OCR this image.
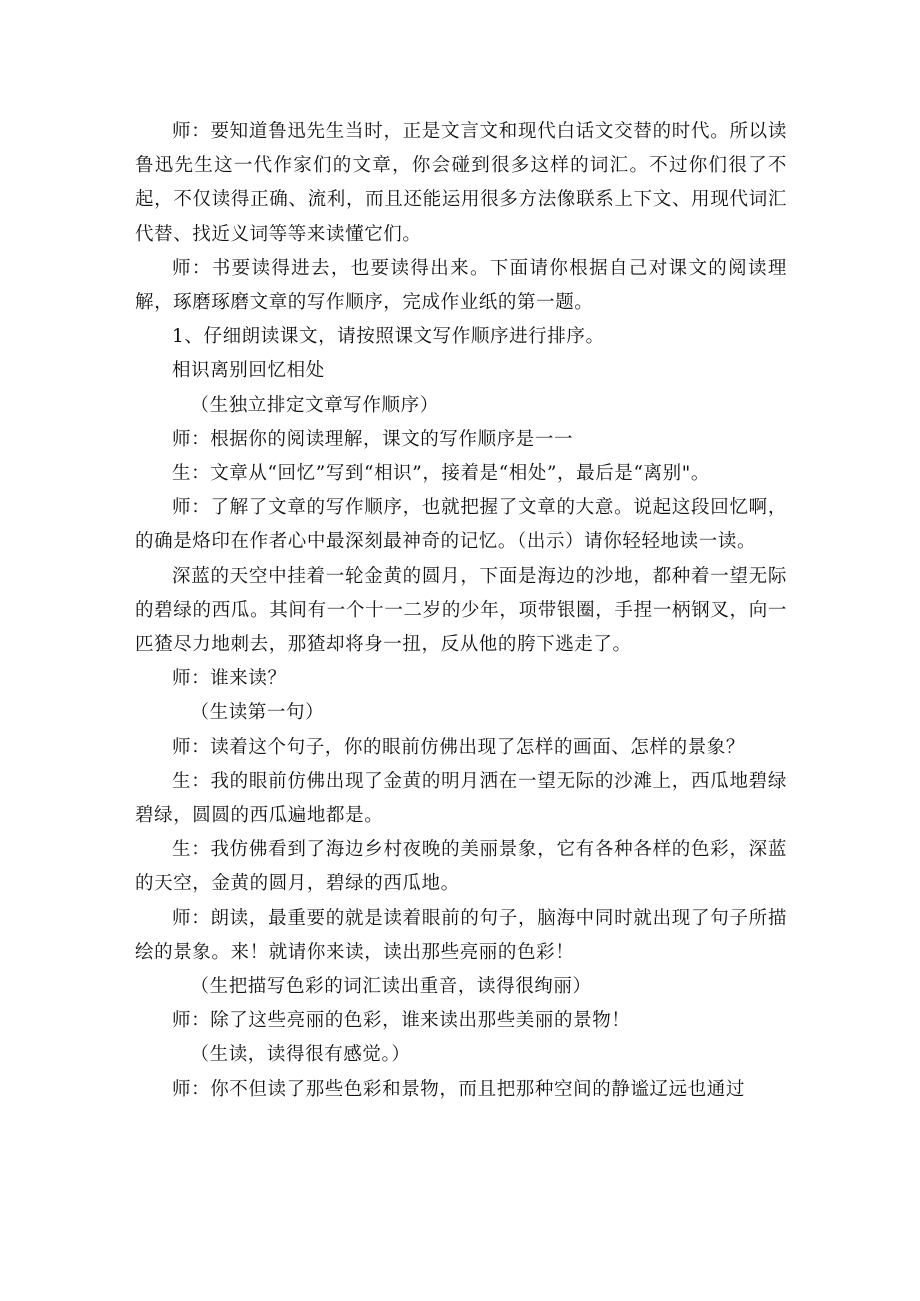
师：要知道鲁迅先生当时，正是文言文和现代白话文交替的时代。所以读鲁迅先生这一代作家们的文章，你会碰到很多这样的词汇。不过你们很了不起，不仅读得正确、流利，而且还能运用很多方法像联系上下文、用现代词汇代替、找近义词等等来读懂它们。

师：书要读得进去，也要读得出来。下面请你根据自己对课文的阅读理解，琢磨琢磨文章的写作顺序，完成作业纸的第一题。

1、仔细朗读课文，请按照课文写作顺序进行排序。

相识离别回忆相处

（生独立排定文章写作顺序）

师：根据你的阅读理解，课文的写作顺序是一一

生：文章从“回忆”写到“相识”，接着是“相处”，最后是“离别"。

师：了解了文章的写作顺序，也就把握了文章的大意。说起这段回忆啊，的确是烙印在作者心中最深刻最神奇的记忆。（出示）请你轻轻地读一读。

深蓝的天空中挂着一轮金黄的圆月，下面是海边的沙地，都种着一望无际的碧绿的西瓜。其间有一个十一二岁的少年，项带银圈，手捏一柄钢叉，向一匹猹尽力地刺去，那猹却将身一扭，反从他的胯下逃走了。

师：谁来读？

（生读第一句）

师：读着这个句子，你的眼前仿佛出现了怎样的画面、怎样的景象？

生：我的眼前仿佛出现了金黄的明月洒在一望无际的沙滩上，西瓜地碧绿碧绿，圆圆的西瓜遍地都是。

生：我仿佛看到了海边乡村夜晚的美丽景象，它有各种各样的色彩，深蓝的天空，金黄的圆月，碧绿的西瓜地。

师：朗读，最重要的就是读着眼前的句子，脑海中同时就出现了句子所描绘的景象。来！就请你来读，读出那些亮丽的色彩！

（生把描写色彩的词汇读出重音，读得很绚丽）

师：除了这些亮丽的色彩，谁来读出那些美丽的景物！

（生读，读得很有感觉。）

师：你不但读了那些色彩和景物，而且把那种空间的静谧辽远也通过
